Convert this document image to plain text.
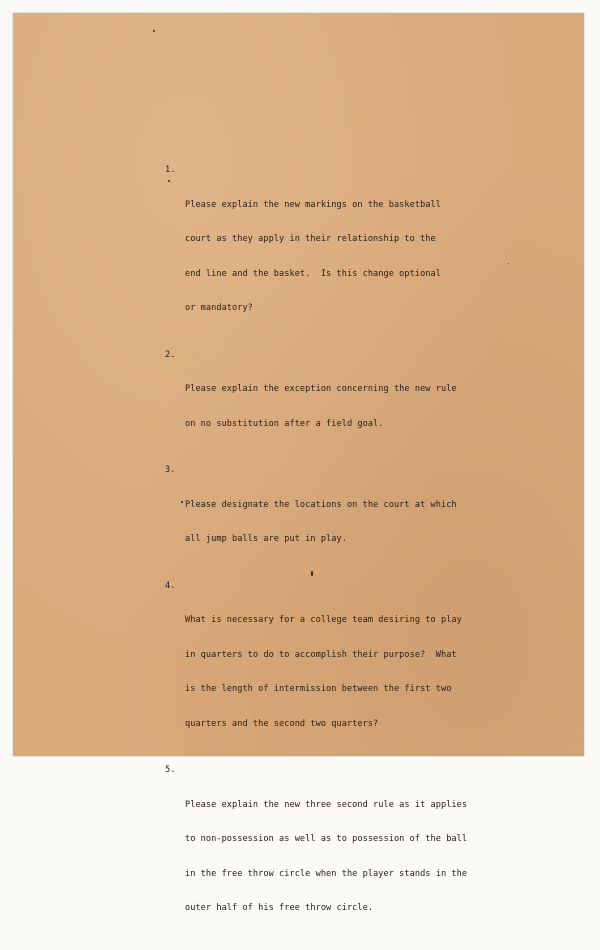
1.

Please explain the new markings on the basketball

court as they apply in their relationship to the

end line and the basket.  Is this change optional

or mandatory?

2.

Please explain the exception concerning the new rule

on no substitution after a field goal.

3.

Please designate the locations on the court at which

all jump balls are put in play.

4.

What is necessary for a college team desiring to play

in quarters to do to accomplish their purpose?  What

is the length of intermission between the first two

quarters and the second two quarters?

5.

Please explain the new three second rule as it applies

to non-possession as well as to possession of the ball

in the free throw circle when the player stands in the

outer half of his free throw circle.
